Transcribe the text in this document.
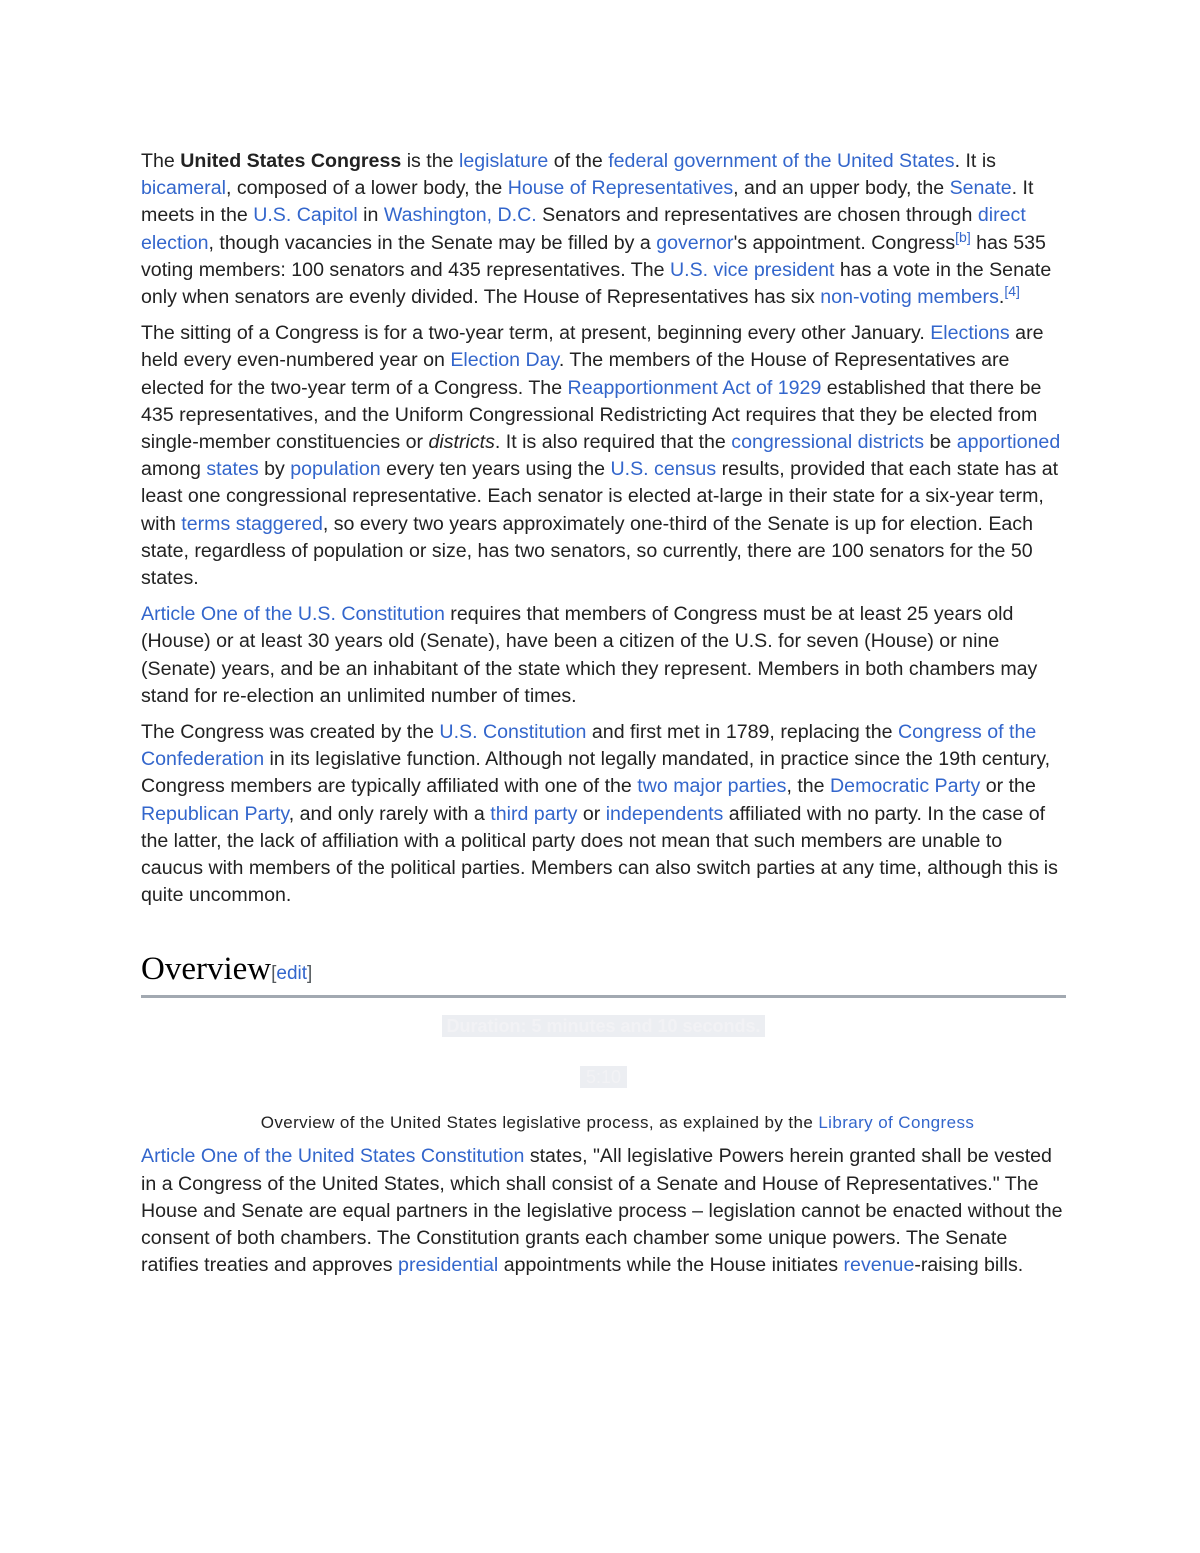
The United States Congress is the legislature of the federal government of the United States. It is bicameral, composed of a lower body, the House of Representatives, and an upper body, the Senate. It meets in the U.S. Capitol in Washington, D.C. Senators and representatives are chosen through direct election, though vacancies in the Senate may be filled by a governor's appointment. Congress[b] has 535 voting members: 100 senators and 435 representatives. The U.S. vice president has a vote in the Senate only when senators are evenly divided. The House of Representatives has six non-voting members.[4]

The sitting of a Congress is for a two-year term, at present, beginning every other January. Elections are held every even-numbered year on Election Day. The members of the House of Representatives are elected for the two-year term of a Congress. The Reapportionment Act of 1929 established that there be 435 representatives, and the Uniform Congressional Redistricting Act requires that they be elected from single-member constituencies or districts. It is also required that the congressional districts be apportioned among states by population every ten years using the U.S. census results, provided that each state has at least one congressional representative. Each senator is elected at-large in their state for a six-year term, with terms staggered, so every two years approximately one-third of the Senate is up for election. Each state, regardless of population or size, has two senators, so currently, there are 100 senators for the 50 states.

Article One of the U.S. Constitution requires that members of Congress must be at least 25 years old (House) or at least 30 years old (Senate), have been a citizen of the U.S. for seven (House) or nine (Senate) years, and be an inhabitant of the state which they represent. Members in both chambers may stand for re-election an unlimited number of times.

The Congress was created by the U.S. Constitution and first met in 1789, replacing the Congress of the Confederation in its legislative function. Although not legally mandated, in practice since the 19th century, Congress members are typically affiliated with one of the two major parties, the Democratic Party or the Republican Party, and only rarely with a third party or independents affiliated with no party. In the case of the latter, the lack of affiliation with a political party does not mean that such members are unable to caucus with members of the political parties. Members can also switch parties at any time, although this is quite uncommon.

Overview[edit]
Duration: 5 minutes and 10 seconds.
5:10

Overview of the United States legislative process, as explained by the Library of Congress

Article One of the United States Constitution states, "All legislative Powers herein granted shall be vested in a Congress of the United States, which shall consist of a Senate and House of Representatives." The House and Senate are equal partners in the legislative process – legislation cannot be enacted without the consent of both chambers. The Constitution grants each chamber some unique powers. The Senate ratifies treaties and approves presidential appointments while the House initiates revenue-raising bills.
